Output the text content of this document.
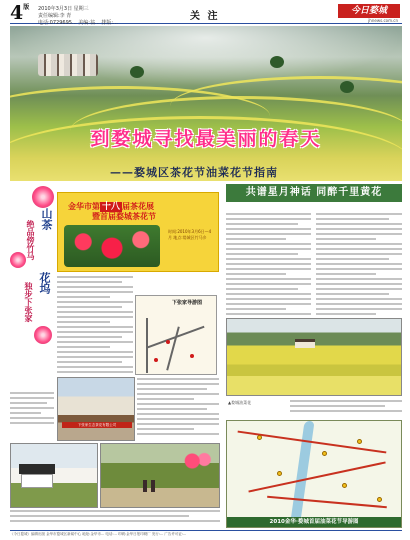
$4^版$ 2010年3月3日 星期三
责任编辑:李 青
电话:0729695... 美编:翁... 排版:...
关 注	今日婺城
jhnews.com.cn
到婺城寻找最美丽的春天
——婺城区茶花节油菜花节指南
山茶
绝品傍竹马
花坞
独步下张家
金华市第 十八 届茶花展
暨首届婺城茶花节
时间:2010年3月6日—4月 地点:婺城区竹马乡
下张家导游图
下张家生态茶花有限公司
共谱星月神话 同醉千里黄花
▲婺城油菜花
2010金华·婺城首届油菜花节导游图
《今日婺城》编辑出版 金华市婺城区新闻中心 地址:金华市... 电话:... 印刷:金华日报印刷厂 发行:... 广告许可证:...
